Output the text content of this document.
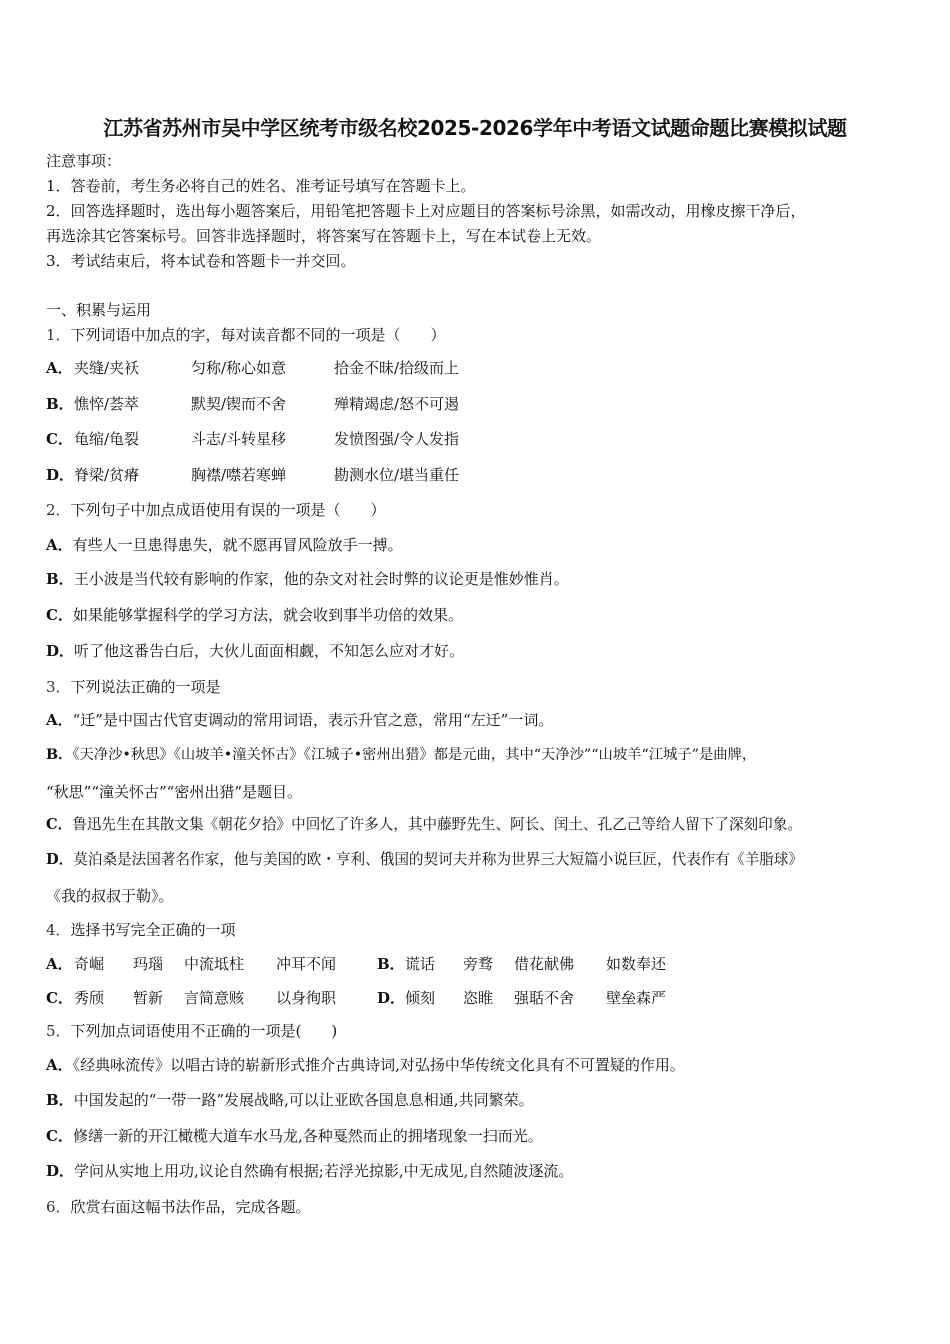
江苏省苏州市吴中学区统考市级名校2025-2026学年中考语文试题命题比赛模拟试题
注意事项：
1．答卷前，考生务必将自己的姓名、准考证号填写在答题卡上。
2．回答选择题时，选出每小题答案后，用铅笔把答题卡上对应题目的答案标号涂黑，如需改动，用橡皮擦干净后，
再选涂其它答案标号。回答非选择题时，将答案写在答题卡上，写在本试卷上无效。
3．考试结束后，将本试卷和答题卡一并交回。
一、积累与运用
1．下列词语中加点的字，每对读音都不同的一项是（　　）
A． 夹缝/夹袄	匀称/称心如意	拾金不昧/拾级而上
B． 憔悴/荟萃	默契/锲而不舍	殚精竭虑/怒不可遏
C． 龟缩/龟裂	斗志/斗转星移	发愤图强/令人发指
D． 脊梁/贫瘠	胸襟/噤若寒蝉	勘测水位/堪当重任
2．下列句子中加点成语使用有误的一项是（　　）
A．有些人一旦患得患失，就不愿再冒风险放手一搏。
B．王小波是当代较有影响的作家，他的杂文对社会时弊的议论更是惟妙惟肖。
C．如果能够掌握科学的学习方法，就会收到事半功倍的效果。
D．听了他这番告白后，大伙儿面面相觑，不知怎么应对才好。
3．下列说法正确的一项是
A．“迁”是中国古代官吏调动的常用词语，表示升官之意，常用“左迁”一词。
B．《天净沙•秋思》《山坡羊•潼关怀古》《江城子•密州出猎》都是元曲，其中“天净沙”“山坡羊“江城子”是曲牌，
“秋思”“潼关怀古”“密州出猎”是题目。
C．鲁迅先生在其散文集《朝花夕拾》中回忆了许多人，其中藤野先生、阿长、闰土、孔乙己等给人留下了深刻印象。
D．莫泊桑是法国著名作家，他与美国的欧・亨利、俄国的契诃夫并称为世界三大短篇小说巨匠，代表作有《羊脂球》
《我的叔叔于勒》。
4．选择书写完全正确的一项
A． 奇崛 玛瑙 中流坻柱 冲耳不闻	B． 谎话 旁骛 借花献佛 如数奉还
C． 秀颀 暂新 言简意赅 以身徇职	D． 倾刻 恣睢 强聒不舍 壁垒森严
5．下列加点词语使用不正确的一项是(　　)
A．《经典咏流传》以唱古诗的崭新形式推介古典诗词,对弘扬中华传统文化具有不可置疑的作用。
B．中国发起的“一带一路”发展战略,可以让亚欧各国息息相通,共同繁荣。
C．修缮一新的开江橄榄大道车水马龙,各种戛然而止的拥堵现象一扫而光。
D．学问从实地上用功,议论自然确有根据;若浮光掠影,中无成见,自然随波逐流。
6．欣赏右面这幅书法作品，完成各题。
